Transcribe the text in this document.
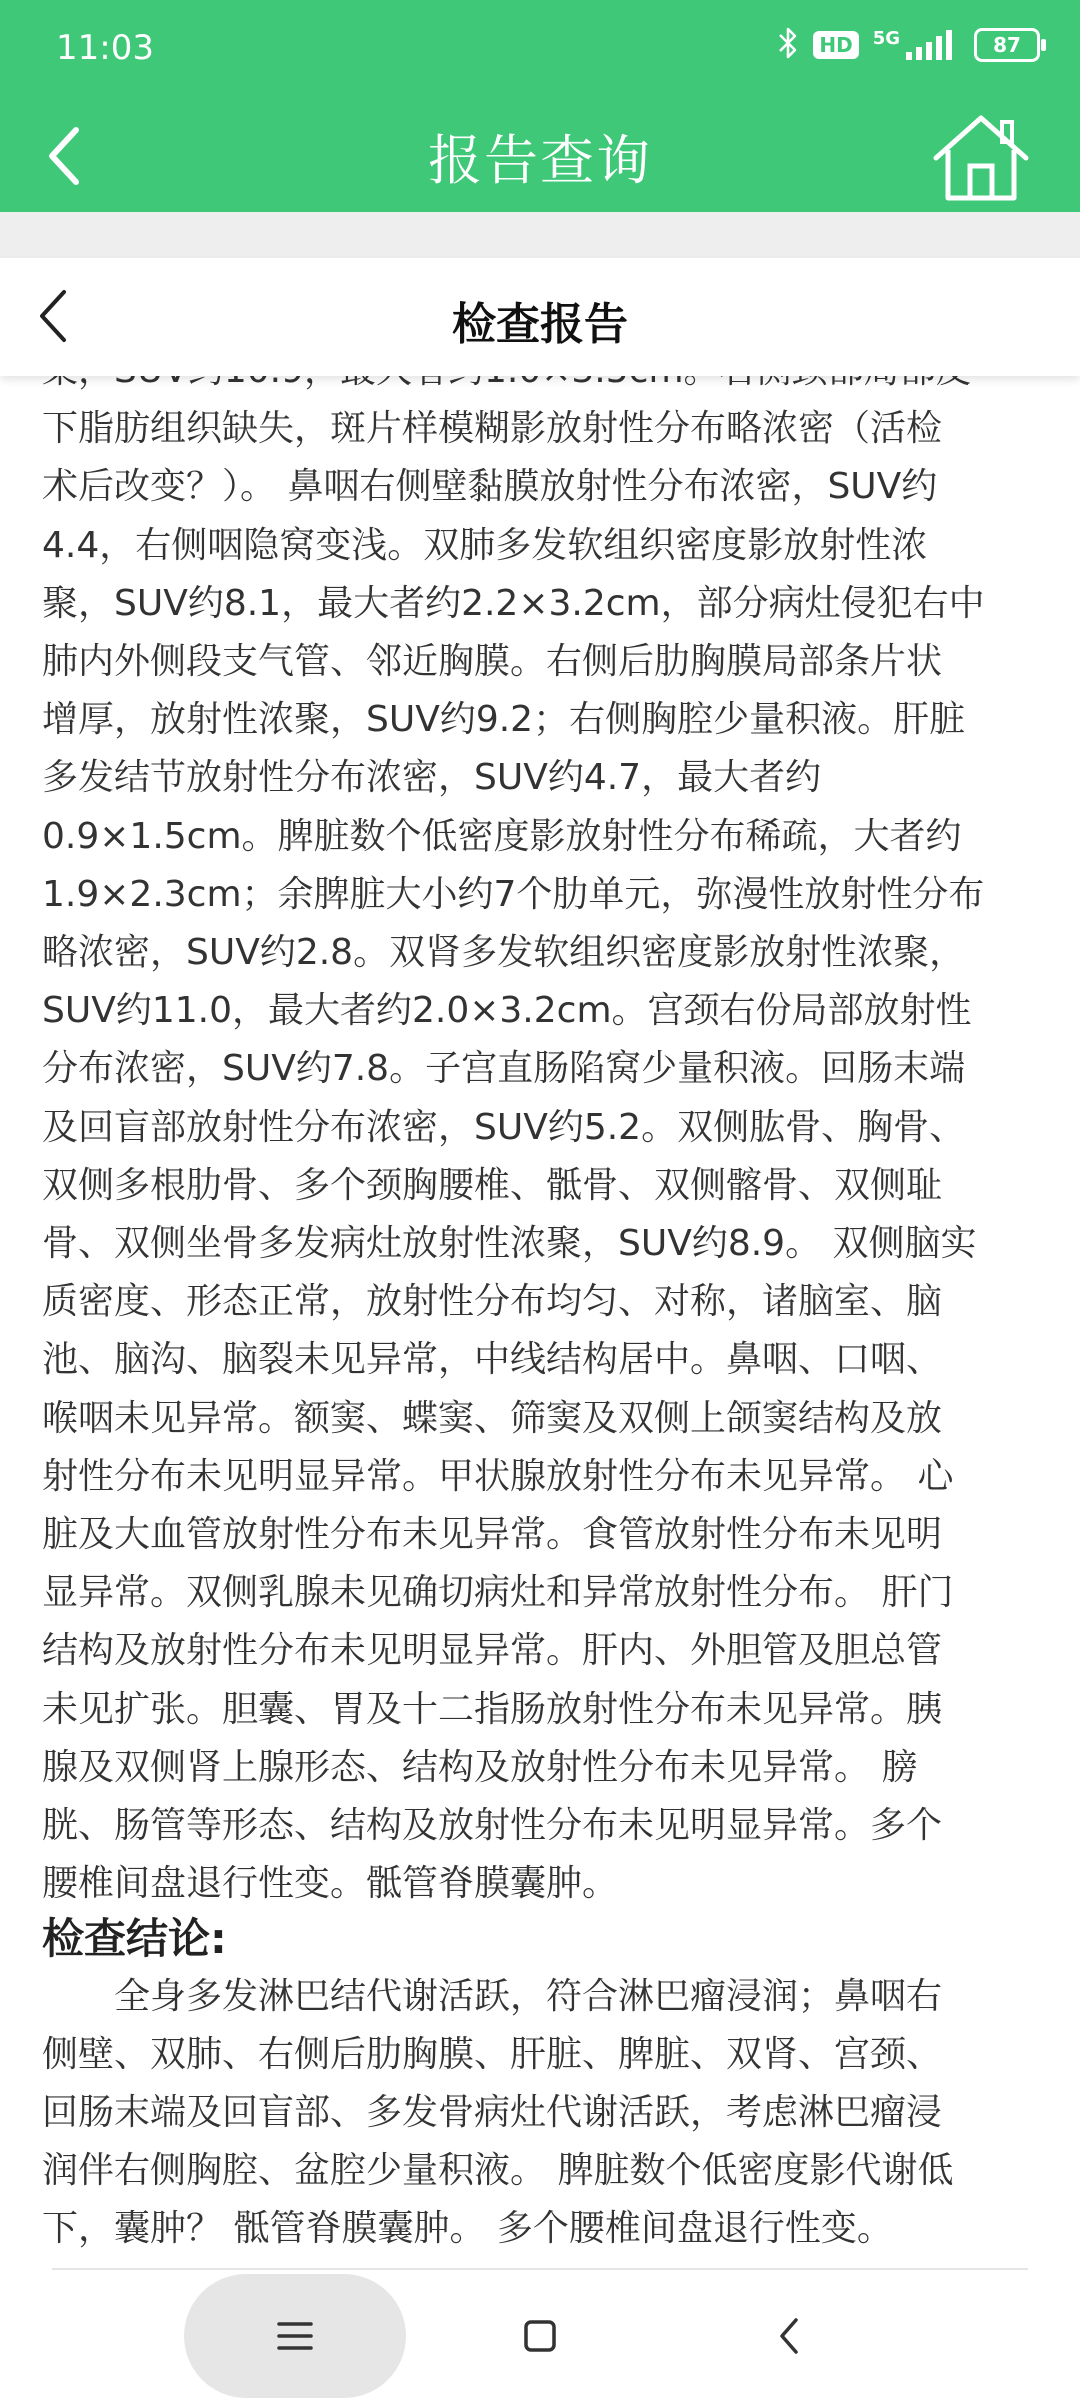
11:03	HD	5G	87
报告查询
检查报告
下脂肪组织缺失，斑片样模糊影放射性分布略浓密（活检
术后改变？）。 鼻咽右侧壁黏膜放射性分布浓密，SUV约
4.4，右侧咽隐窝变浅。双肺多发软组织密度影放射性浓
聚，SUV约8.1，最大者约2.2×3.2cm，部分病灶侵犯右中
肺内外侧段支气管、邻近胸膜。右侧后肋胸膜局部条片状
增厚，放射性浓聚，SUV约9.2；右侧胸腔少量积液。肝脏
多发结节放射性分布浓密，SUV约4.7，最大者约
0.9×1.5cm。脾脏数个低密度影放射性分布稀疏，大者约
1.9×2.3cm；余脾脏大小约7个肋单元，弥漫性放射性分布
略浓密，SUV约2.8。双肾多发软组织密度影放射性浓聚，
SUV约11.0，最大者约2.0×3.2cm。宫颈右份局部放射性
分布浓密，SUV约7.8。子宫直肠陷窝少量积液。回肠末端
及回盲部放射性分布浓密，SUV约5.2。双侧肱骨、胸骨、
双侧多根肋骨、多个颈胸腰椎、骶骨、双侧髂骨、双侧耻
骨、双侧坐骨多发病灶放射性浓聚，SUV约8.9。 双侧脑实
质密度、形态正常，放射性分布均匀、对称，诸脑室、脑
池、脑沟、脑裂未见异常，中线结构居中。鼻咽、口咽、
喉咽未见异常。额窦、蝶窦、筛窦及双侧上颌窦结构及放
射性分布未见明显异常。甲状腺放射性分布未见异常。 心
脏及大血管放射性分布未见异常。食管放射性分布未见明
显异常。双侧乳腺未见确切病灶和异常放射性分布。 肝门
结构及放射性分布未见明显异常。肝内、外胆管及胆总管
未见扩张。胆囊、胃及十二指肠放射性分布未见异常。胰
腺及双侧肾上腺形态、结构及放射性分布未见异常。 膀
胱、肠管等形态、结构及放射性分布未见明显异常。多个
腰椎间盘退行性变。骶管脊膜囊肿。
检查结论:
　　全身多发淋巴结代谢活跃，符合淋巴瘤浸润；鼻咽右
侧壁、双肺、右侧后肋胸膜、肝脏、脾脏、双肾、宫颈、
回肠末端及回盲部、多发骨病灶代谢活跃，考虑淋巴瘤浸
润伴右侧胸腔、盆腔少量积液。 脾脏数个低密度影代谢低
下，囊肿？ 骶管脊膜囊肿。 多个腰椎间盘退行性变。
